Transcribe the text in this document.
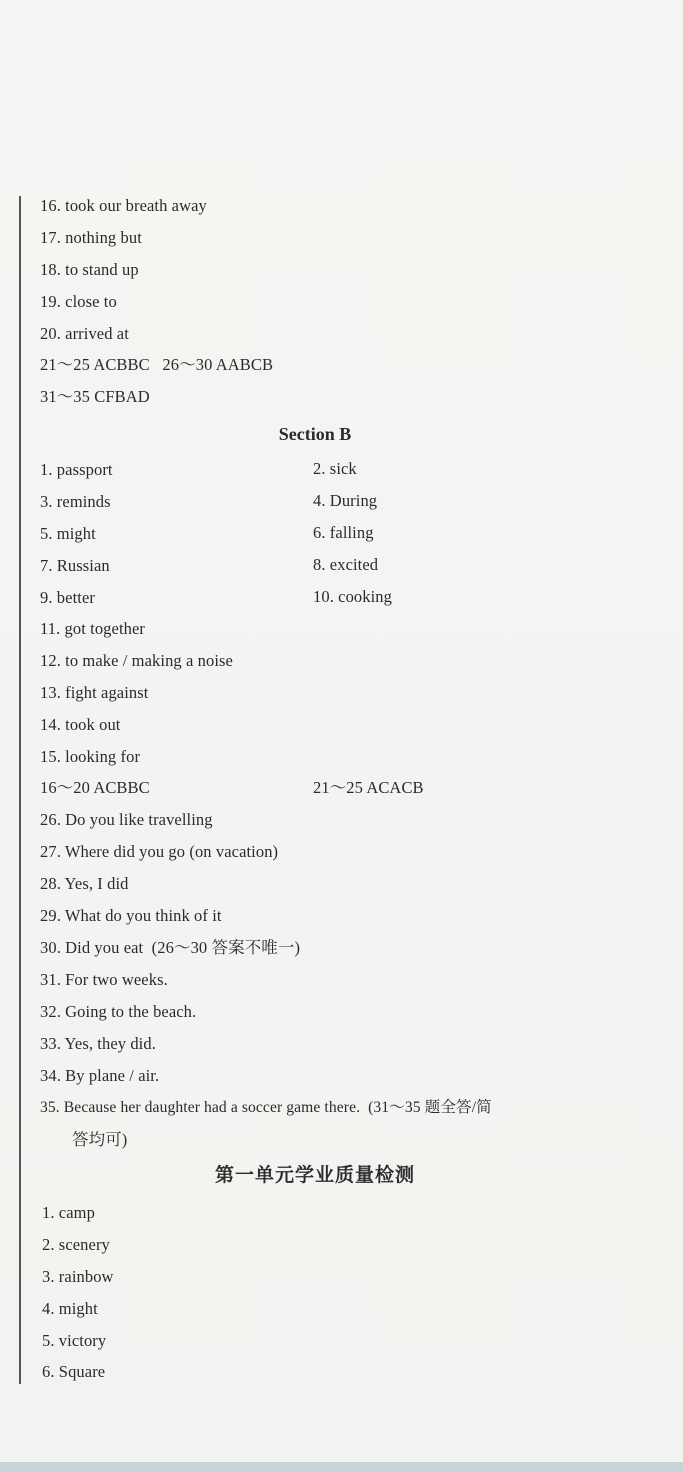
16. took our breath away
17. nothing but
18. to stand up
19. close to
20. arrived at
21～25 ACBBC   26～30 AABCB
31～35 CFBAD
Section B
1. passport
3. reminds
5. might
7. Russian
9. better
2. sick
4. During
6. falling
8. excited
10. cooking
11. got together
12. to make / making a noise
13. fight against
14. took out
15. looking for
16～20 ACBBC	21～25 ACACB
26. Do you like travelling
27. Where did you go (on vacation)
28. Yes, I did
29. What do you think of it
30. Did you eat  (26～30 答案不唯一)
31. For two weeks.
32. Going to the beach.
33. Yes, they did.
34. By plane / air.
35. Because her daughter had a soccer game there.  (31～35 题全答/简
答均可)
第一单元学业质量检测
1. camp
2. scenery
3. rainbow
4. might
5. victory
6. Square
